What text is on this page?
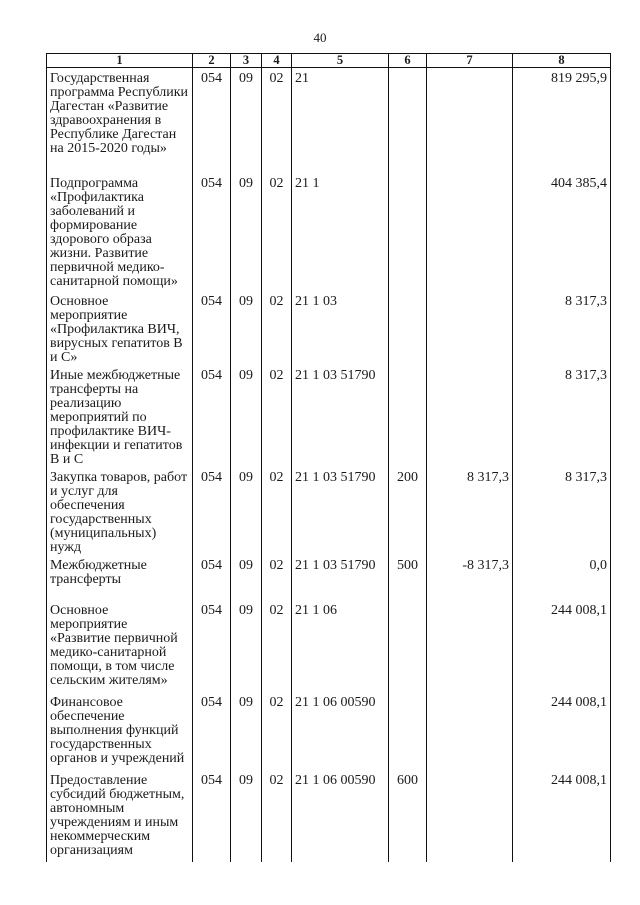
40
1	2	3	4	5	6	7	8
Государственная программа Республики Дагестан «Развитие здравоохранения в Республике Дагестан на 2015-2020 годы»	054	09	02	21			819 295,9
Подпрограмма «Профилактика заболеваний и формирование здорового образа жизни. Развитие первичной медико-санитарной помощи»	054	09	02	21 1			404 385,4
Основное мероприятие «Профилактика ВИЧ, вирусных гепатитов В и С»	054	09	02	21 1 03			8 317,3
Иные межбюджетные трансферты на реализацию мероприятий по профилактике ВИЧ-инфекции и гепатитов В и С	054	09	02	21 1 03 51790			8 317,3
Закупка товаров, работ и услуг для обеспечения государственных (муниципальных) нужд	054	09	02	21 1 03 51790	200	8 317,3	8 317,3
Межбюджетные трансферты	054	09	02	21 1 03 51790	500	-8 317,3	0,0
Основное мероприятие «Развитие первичной медико-санитарной помощи, в том числе сельским жителям»	054	09	02	21 1 06			244 008,1
Финансовое обеспечение выполнения функций государственных органов и учреждений	054	09	02	21 1 06 00590			244 008,1
Предоставление субсидий бюджетным, автономным учреждениям и иным некоммерческим организациям	054	09	02	21 1 06 00590	600		244 008,1
